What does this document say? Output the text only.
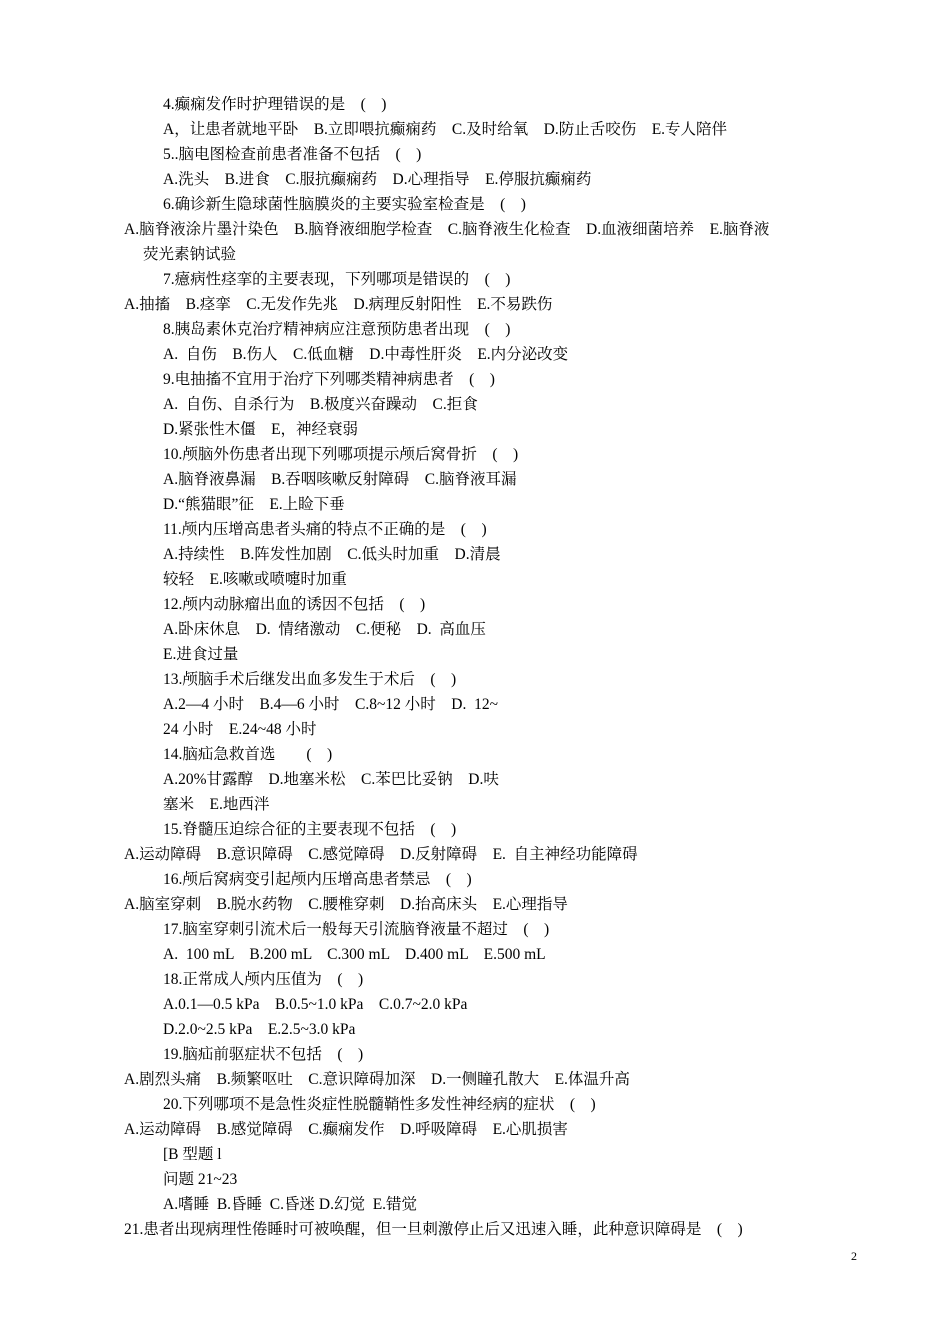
4.癫痫发作时护理错误的是　(　)
A，让患者就地平卧　B.立即喂抗癫痫药　C.及时给氧　D.防止舌咬伤　E.专人陪伴
5..脑电图检查前患者准备不包括　(　)
A.洗头　B.进食　C.服抗癫痫药　D.心理指导　E.停服抗癫痫药
6.确诊新生隐球菌性脑膜炎的主要实验室检查是　(　)
A.脑脊液涂片墨汁染色　B.脑脊液细胞学检查　C.脑脊液生化检查　D.血液细菌培养　E.脑脊液
荧光素钠试验
7.癔病性痉挛的主要表现，下列哪项是错误的　(　)
A.抽搐　B.痉挛　C.无发作先兆　D.病理反射阳性　E.不易跌伤
8.胰岛素休克治疗精神病应注意预防患者出现　(　)
A.  自伤　B.伤人　C.低血糖　D.中毒性肝炎　E.内分泌改变
9.电抽搐不宜用于治疗下列哪类精神病患者　(　)
A.  自伤、自杀行为　B.极度兴奋躁动　C.拒食
D.紧张性木僵　E，神经衰弱
10.颅脑外伤患者出现下列哪项提示颅后窝骨折　(　)
A.脑脊液鼻漏　B.吞咽咳嗽反射障碍　C.脑脊液耳漏
D.“熊猫眼”征　E.上睑下垂
11.颅内压增高患者头痛的特点不正确的是　(　)
A.持续性　B.阵发性加剧　C.低头时加重　D.清晨
较轻　E.咳嗽或喷嚏时加重
12.颅内动脉瘤出血的诱因不包括　(　)
A.卧床休息　D.  情绪激动　C.便秘　D.  高血压
E.进食过量
13.颅脑手术后继发出血多发生于术后　(　)
A.2—4 小时　B.4—6 小时　C.8~12 小时　D.  12~
24 小时　E.24~48 小时
14.脑疝急救首选　　(　)
A.20%甘露醇　D.地塞米松　C.苯巴比妥钠　D.呋
塞米　E.地西泮
15.脊髓压迫综合征的主要表现不包括　(　)
A.运动障碍　B.意识障碍　C.感觉障碍　D.反射障碍　E.  自主神经功能障碍
16.颅后窝病变引起颅内压增高患者禁忌　(　)
A.脑室穿刺　B.脱水药物　C.腰椎穿刺　D.抬高床头　E.心理指导
17.脑室穿刺引流术后一般每天引流脑脊液量不超过　(　)
A.  100 mL　B.200 mL　C.300 mL　D.400 mL　E.500 mL
18.正常成人颅内压值为　(　)
A.0.1—0.5 kPa　B.0.5~1.0 kPa　C.0.7~2.0 kPa
D.2.0~2.5 kPa　E.2.5~3.0 kPa
19.脑疝前驱症状不包括　(　)
A.剧烈头痛　B.频繁呕吐　C.意识障碍加深　D.一侧瞳孔散大　E.体温升高
20.下列哪项不是急性炎症性脱髓鞘性多发性神经病的症状　(　)
A.运动障碍　B.感觉障碍　C.癫痫发作　D.呼吸障碍　E.心肌损害
[B 型题 l
问题 21~23
A.嗜睡  B.昏睡  C.昏迷 D.幻觉  E.错觉
21.患者出现病理性倦睡时可被唤醒，但一旦刺激停止后又迅速入睡，此种意识障碍是　(　)
2
